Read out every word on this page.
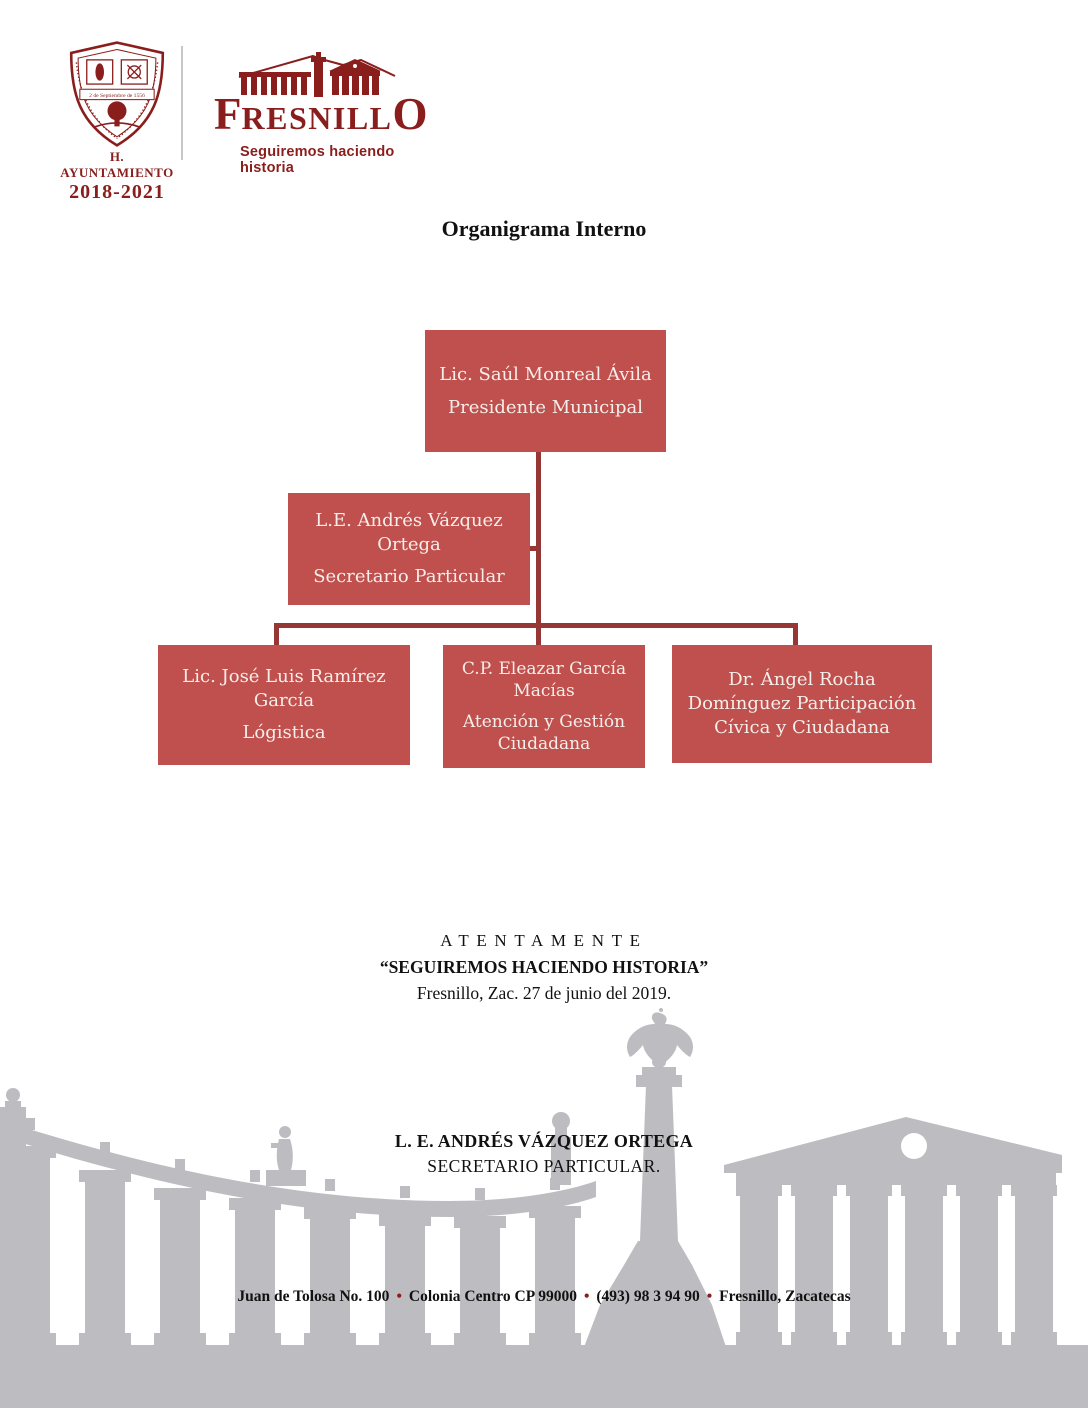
2 de Septiembre de 1556
H. AYUNTAMIENTO
2018-2021
FRESNILLO
Seguiremos haciendo historia
Organigrama Interno
Lic. Saúl Monreal Ávila
Presidente Municipal
L.E. Andrés Vázquez Ortega
Secretario Particular
Lic. José Luis Ramírez García
Lógistica
C.P. Eleazar García Macías
Atención y Gestión Ciudadana
Dr. Ángel Rocha Domínguez Participación Cívica y Ciudadana
ATENTAMENTE
“SEGUIREMOS HACIENDO HISTORIA”
Fresnillo, Zac. 27 de junio del 2019.
L. E. ANDRÉS VÁZQUEZ ORTEGA
SECRETARIO PARTICULAR.
Juan de Tolosa No. 100 • Colonia Centro CP 99000 • (493) 98 3 94 90 • Fresnillo, Zacatecas
